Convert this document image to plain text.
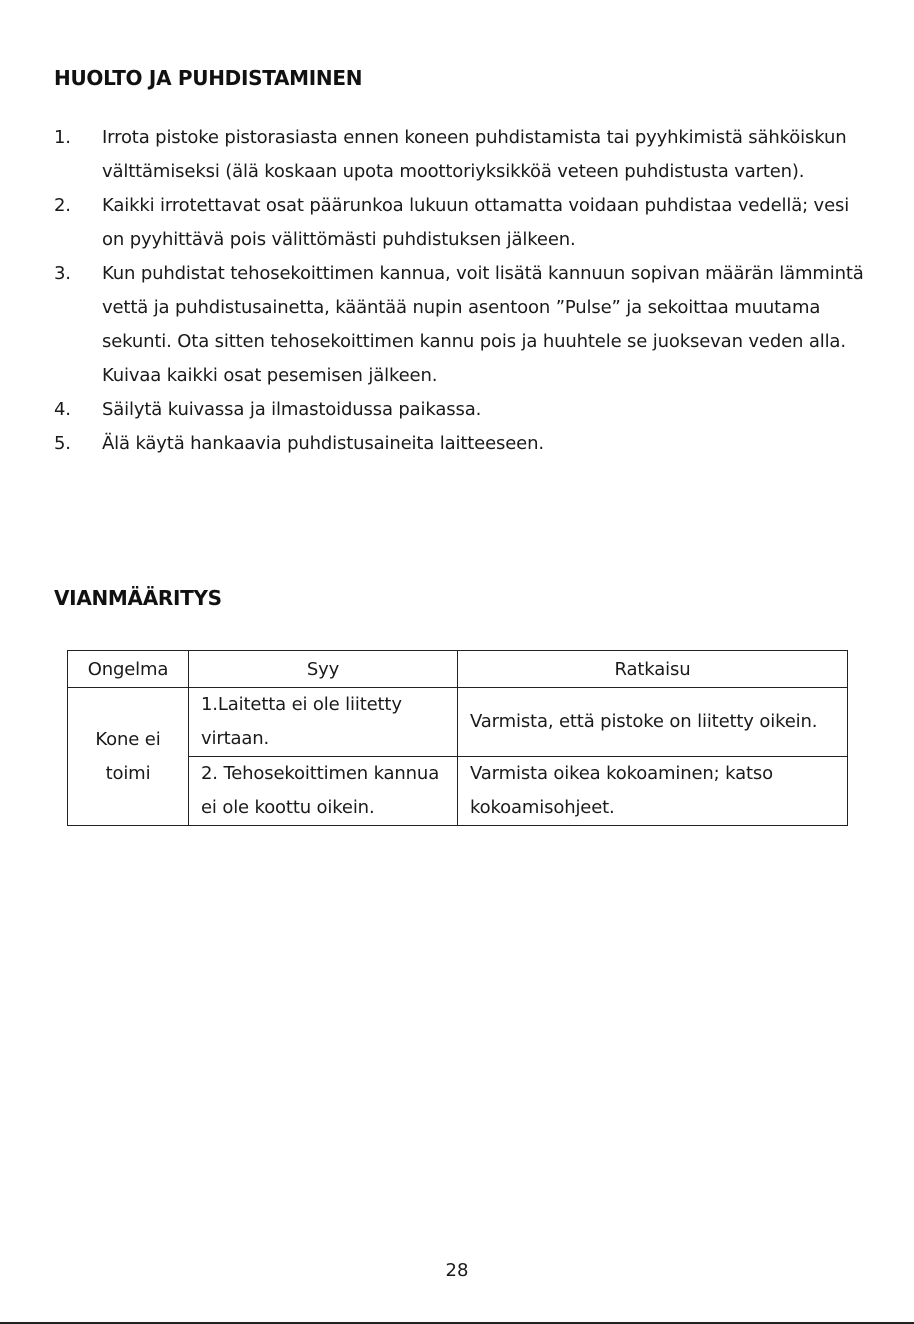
HUOLTO JA PUHDISTAMINEN
1.	Irrota pistoke pistorasiasta ennen koneen puhdistamista tai pyyhkimistä sähköiskun välttämiseksi (älä koskaan upota moottoriyksikköä veteen puhdistusta varten).
2.	Kaikki irrotettavat osat päärunkoa lukuun ottamatta voidaan puhdistaa vedellä; vesi on pyyhittävä pois välittömästi puhdistuksen jälkeen.
3.	Kun puhdistat tehosekoittimen kannua, voit lisätä kannuun sopivan määrän lämmintä vettä ja puhdistusainetta, kääntää nupin asentoon ”Pulse” ja sekoittaa muutama sekunti. Ota sitten tehosekoittimen kannu pois ja huuhtele se juoksevan veden alla. Kuivaa kaikki osat pesemisen jälkeen.
4.	Säilytä kuivassa ja ilmastoidussa paikassa.
5.	Älä käytä hankaavia puhdistusaineita laitteeseen.
VIANMÄÄRITYS
Ongelma	Syy	Ratkaisu
Kone ei toimi	1.Laitetta ei ole liitetty virtaan.	Varmista, että pistoke on liitetty oikein.
	2. Tehosekoittimen kannua ei ole koottu oikein.	Varmista oikea kokoaminen; katso kokoamisohjeet.
28
